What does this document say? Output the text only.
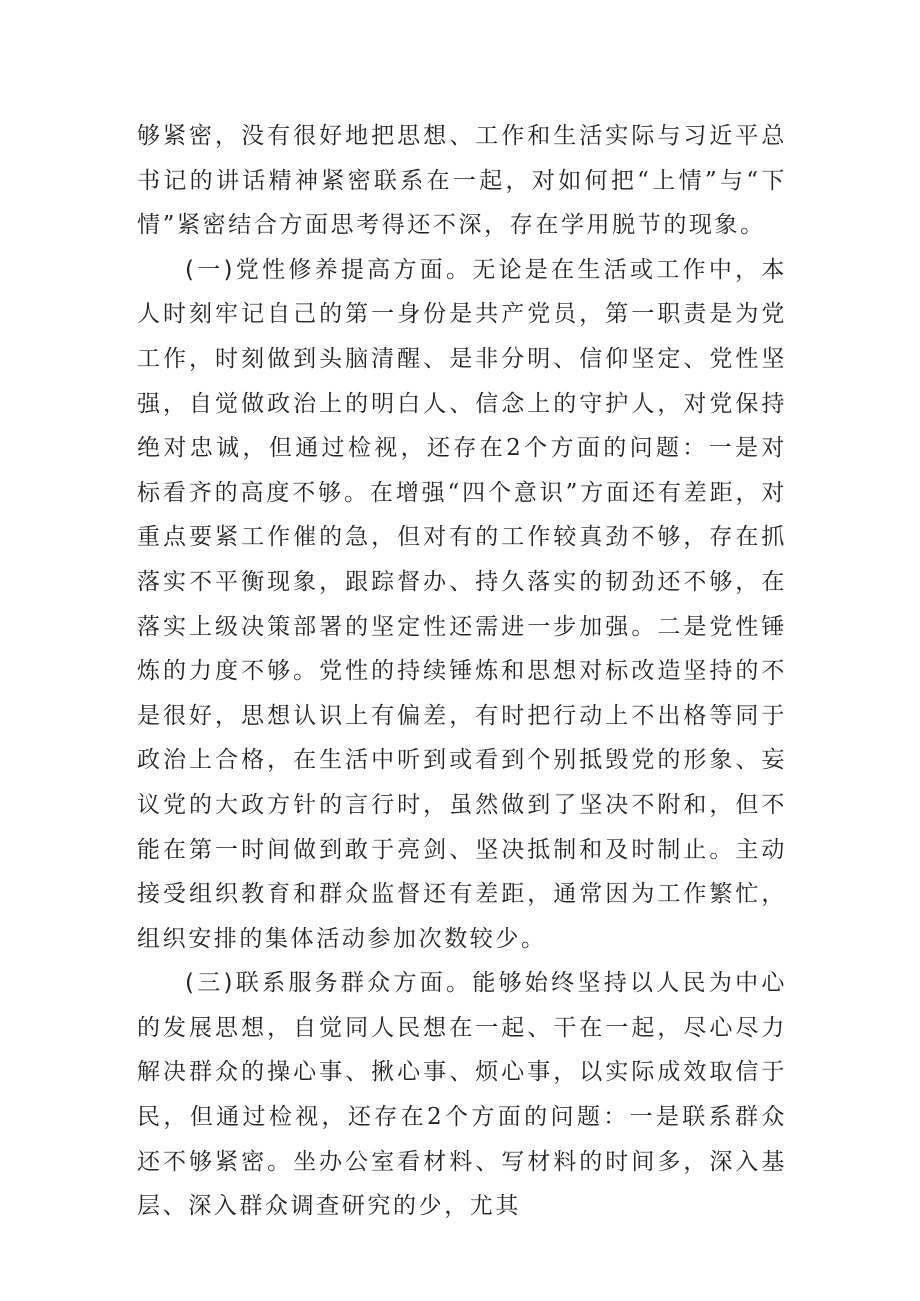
够紧密，没有很好地把思想、工作和生活实际与习近平总书记的讲话精神紧密联系在一起，对如何把“上情”与“下情”紧密结合方面思考得还不深，存在学用脱节的现象。

(一)党性修养提高方面。无论是在生活或工作中，本人时刻牢记自己的第一身份是共产党员，第一职责是为党工作，时刻做到头脑清醒、是非分明、信仰坚定、党性坚强，自觉做政治上的明白人、信念上的守护人，对党保持绝对忠诚，但通过检视，还存在2个方面的问题：一是对标看齐的高度不够。在增强“四个意识”方面还有差距，对重点要紧工作催的急，但对有的工作较真劲不够，存在抓落实不平衡现象，跟踪督办、持久落实的韧劲还不够，在落实上级决策部署的坚定性还需进一步加强。二是党性锤炼的力度不够。党性的持续锤炼和思想对标改造坚持的不是很好，思想认识上有偏差，有时把行动上不出格等同于政治上合格，在生活中听到或看到个别抵毁党的形象、妄议党的大政方针的言行时，虽然做到了坚决不附和，但不能在第一时间做到敢于亮剑、坚决抵制和及时制止。主动接受组织教育和群众监督还有差距，通常因为工作繁忙，组织安排的集体活动参加次数较少。

(三)联系服务群众方面。能够始终坚持以人民为中心的发展思想，自觉同人民想在一起、干在一起，尽心尽力解决群众的操心事、揪心事、烦心事，以实际成效取信于民，但通过检视，还存在2个方面的问题：一是联系群众还不够紧密。坐办公室看材料、写材料的时间多，深入基层、深入群众调查研究的少，尤其
